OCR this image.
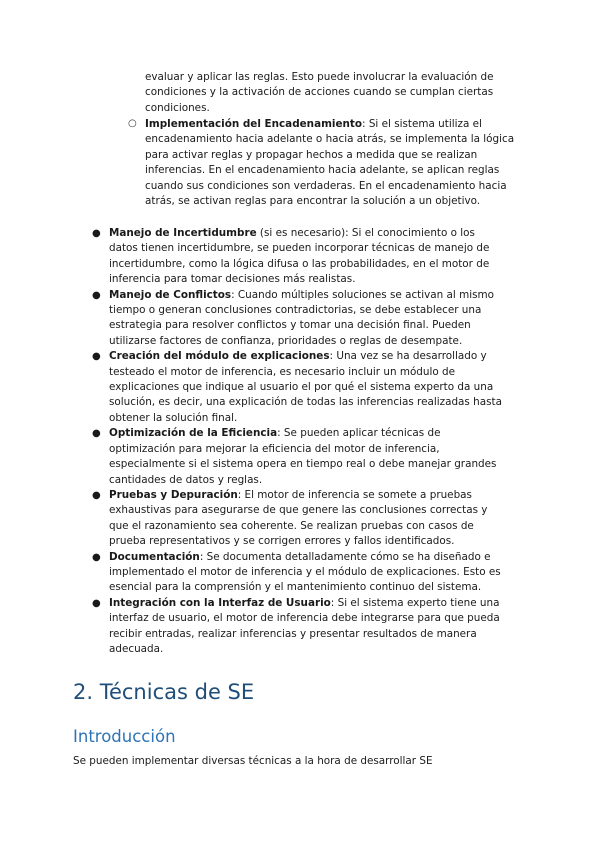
evaluar y aplicar las reglas. Esto puede involucrar la evaluación de condiciones y la activación de acciones cuando se cumplan ciertas condiciones.
○ Implementación del Encadenamiento: Si el sistema utiliza el encadenamiento hacia adelante o hacia atrás, se implementa la lógica para activar reglas y propagar hechos a medida que se realizan inferencias. En el encadenamiento hacia adelante, se aplican reglas cuando sus condiciones son verdaderas. En el encadenamiento hacia atrás, se activan reglas para encontrar la solución a un objetivo.
● Manejo de Incertidumbre (si es necesario): Si el conocimiento o los datos tienen incertidumbre, se pueden incorporar técnicas de manejo de incertidumbre, como la lógica difusa o las probabilidades, en el motor de inferencia para tomar decisiones más realistas.
● Manejo de Conflictos: Cuando múltiples soluciones se activan al mismo tiempo o generan conclusiones contradictorias, se debe establecer una estrategia para resolver conflictos y tomar una decisión final. Pueden utilizarse factores de confianza, prioridades o reglas de desempate.
● Creación del módulo de explicaciones: Una vez se ha desarrollado y testeado el motor de inferencia, es necesario incluir un módulo de explicaciones que indique al usuario el por qué el sistema experto da una solución, es decir, una explicación de todas las inferencias realizadas hasta obtener la solución final.
● Optimización de la Eficiencia: Se pueden aplicar técnicas de optimización para mejorar la eficiencia del motor de inferencia, especialmente si el sistema opera en tiempo real o debe manejar grandes cantidades de datos y reglas.
● Pruebas y Depuración: El motor de inferencia se somete a pruebas exhaustivas para asegurarse de que genere las conclusiones correctas y que el razonamiento sea coherente. Se realizan pruebas con casos de prueba representativos y se corrigen errores y fallos identificados.
● Documentación: Se documenta detalladamente cómo se ha diseñado e implementado el motor de inferencia y el módulo de explicaciones. Esto es esencial para la comprensión y el mantenimiento continuo del sistema.
● Integración con la Interfaz de Usuario: Si el sistema experto tiene una interfaz de usuario, el motor de inferencia debe integrarse para que pueda recibir entradas, realizar inferencias y presentar resultados de manera adecuada.
2. Técnicas de SE
Introducción
Se pueden implementar diversas técnicas a la hora de desarrollar SE
